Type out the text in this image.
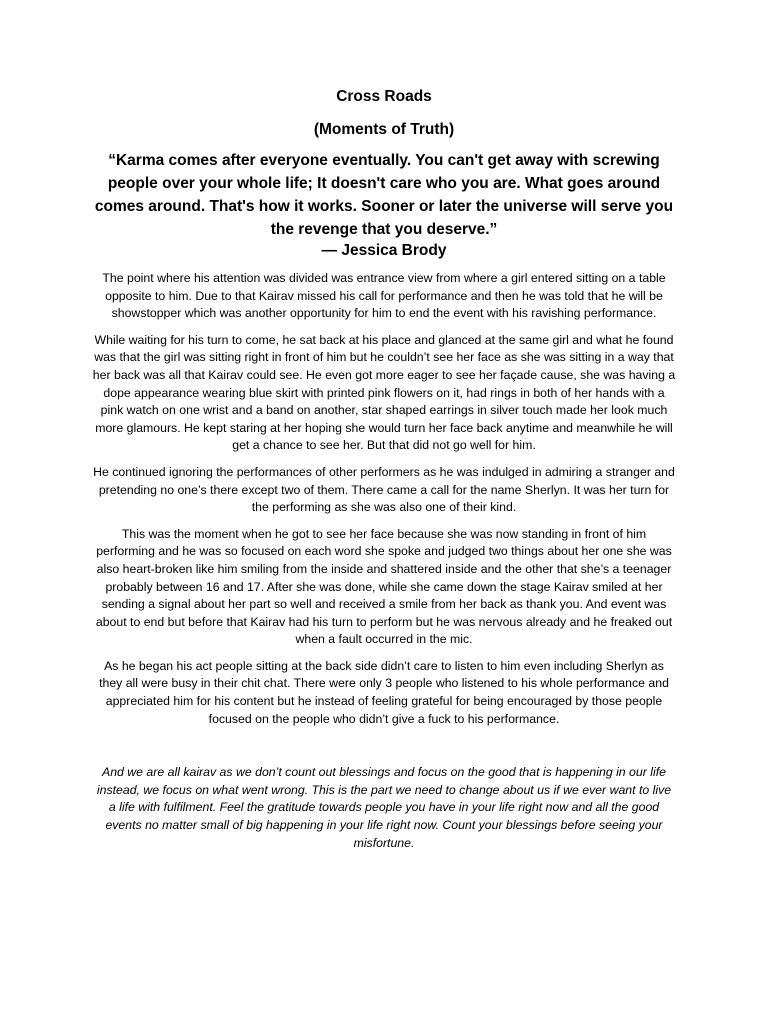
Cross Roads

(Moments of Truth)

“Karma comes after everyone eventually. You can't get away with screwing people over your whole life; It doesn't care who you are. What goes around comes around. That's how it works. Sooner or later the universe will serve you the revenge that you deserve.”

― Jessica Brody

The point where his attention was divided was entrance view from where a girl entered sitting on a table opposite to him. Due to that Kairav missed his call for performance and then he was told that he will be showstopper which was another opportunity for him to end the event with his ravishing performance.

While waiting for his turn to come, he sat back at his place and glanced at the same girl and what he found was that the girl was sitting right in front of him but he couldn’t see her face as she was sitting in a way that her back was all that Kairav could see. He even got more eager to see her façade cause, she was having a dope appearance wearing blue skirt with printed pink flowers on it, had rings in both of her hands with a pink watch on one wrist and a band on another, star shaped earrings in silver touch made her look much more glamours. He kept staring at her hoping she would turn her face back anytime and meanwhile he will get a chance to see her. But that did not go well for him.

He continued ignoring the performances of other performers as he was indulged in admiring a stranger and pretending no one’s there except two of them. There came a call for the name Sherlyn. It was her turn for the performing as she was also one of their kind.

This was the moment when he got to see her face because she was now standing in front of him performing and he was so focused on each word she spoke and judged two things about her one she was also heart-broken like him smiling from the inside and shattered inside and the other that she’s a teenager probably between 16 and 17. After she was done, while she came down the stage Kairav smiled at her sending a signal about her part so well and received a smile from her back as thank you. And event was about to end but before that Kairav had his turn to perform but he was nervous already and he freaked out when a fault occurred in the mic.

As he began his act people sitting at the back side didn’t care to listen to him even including Sherlyn as they all were busy in their chit chat. There were only 3 people who listened to his whole performance and appreciated him for his content but he instead of feeling grateful for being encouraged by those people focused on the people who didn’t give a fuck to his performance.

And we are all kairav as we don’t count out blessings and focus on the good that is happening in our life instead, we focus on what went wrong. This is the part we need to change about us if we ever want to live a life with fulfilment. Feel the gratitude towards people you have in your life right now and all the good events no matter small of big happening in your life right now. Count your blessings before seeing your misfortune.
